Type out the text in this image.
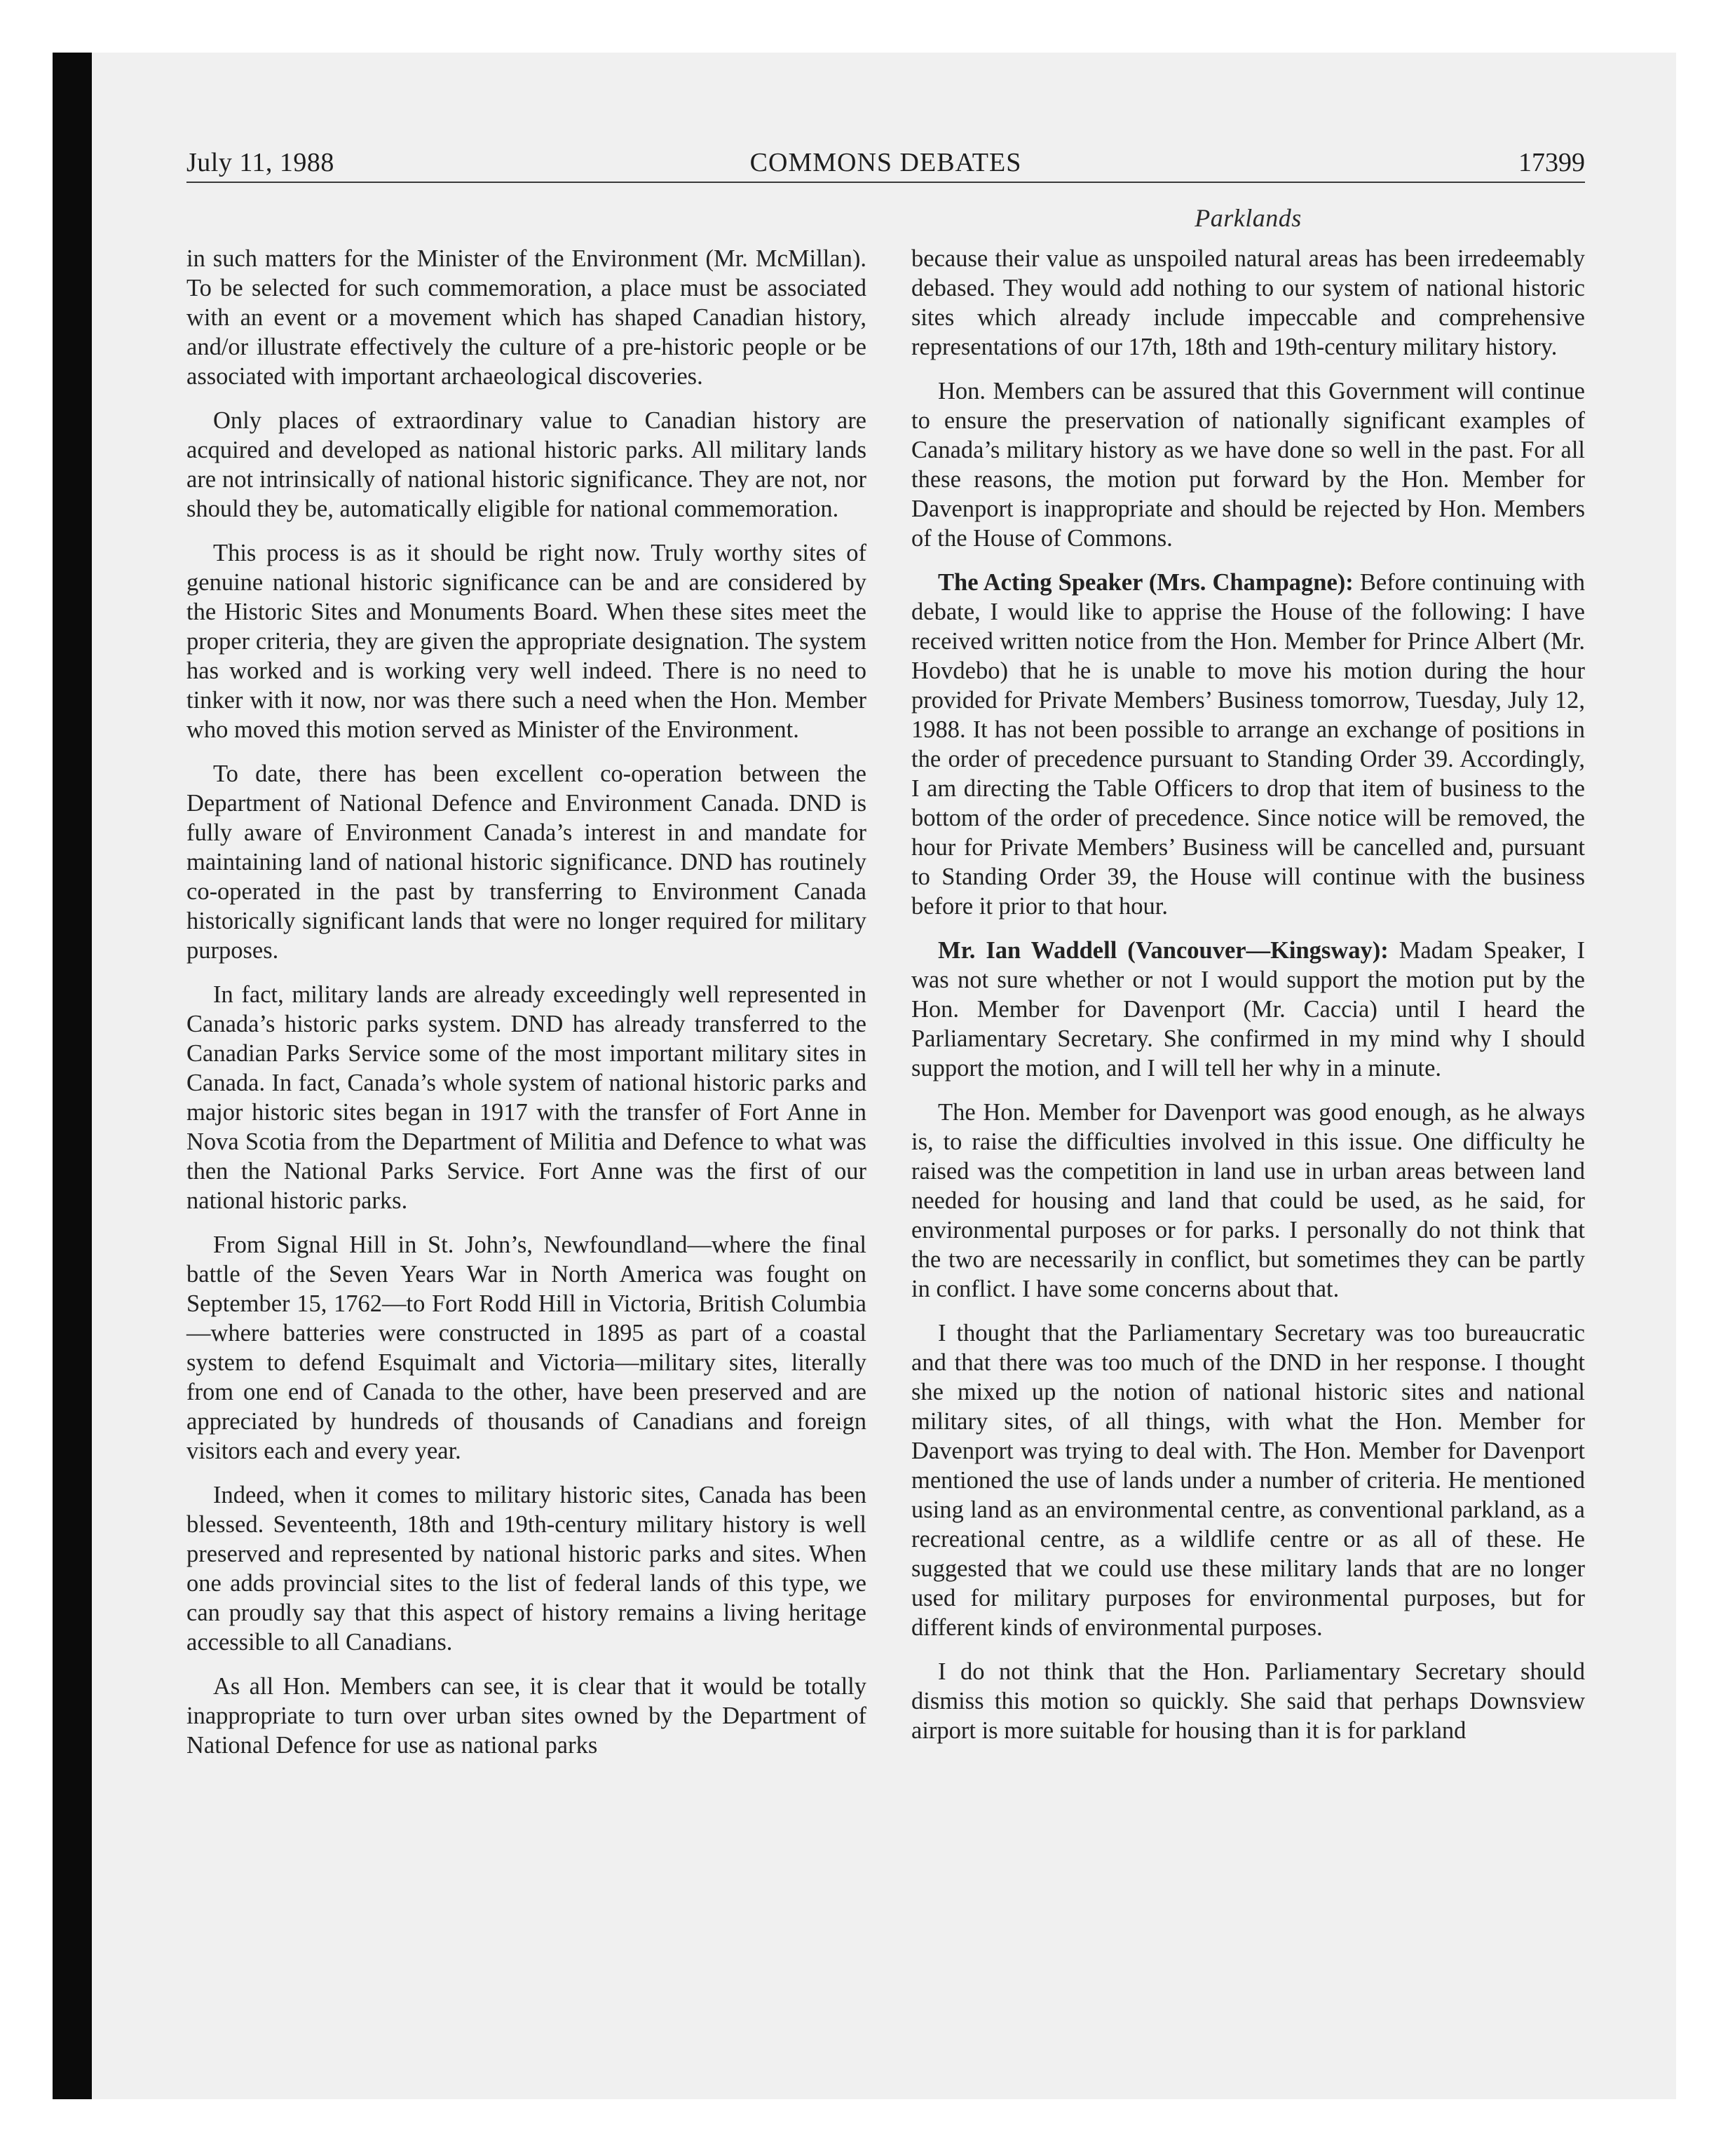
July 11, 1988	COMMONS DEBATES	17399
Parklands

in such matters for the Minister of the Environment (Mr. McMillan). To be selected for such commemoration, a place must be associated with an event or a movement which has shaped Canadian history, and/or illustrate effectively the culture of a pre-historic people or be associated with important archaeological discoveries.

Only places of extraordinary value to Canadian history are acquired and developed as national historic parks. All military lands are not intrinsically of national historic significance. They are not, nor should they be, automatically eligible for national commemoration.

This process is as it should be right now. Truly worthy sites of genuine national historic significance can be and are considered by the Historic Sites and Monuments Board. When these sites meet the proper criteria, they are given the appropriate designation. The system has worked and is working very well indeed. There is no need to tinker with it now, nor was there such a need when the Hon. Member who moved this motion served as Minister of the Environment.

To date, there has been excellent co-operation between the Department of National Defence and Environment Canada. DND is fully aware of Environment Canada’s interest in and mandate for maintaining land of national historic significance. DND has routinely co-operated in the past by transferring to Environment Canada historically significant lands that were no longer required for military purposes.

In fact, military lands are already exceedingly well represented in Canada’s historic parks system. DND has already transferred to the Canadian Parks Service some of the most important military sites in Canada. In fact, Canada’s whole system of national historic parks and major historic sites began in 1917 with the transfer of Fort Anne in Nova Scotia from the Department of Militia and Defence to what was then the National Parks Service. Fort Anne was the first of our national historic parks.

From Signal Hill in St. John’s, Newfoundland—where the final battle of the Seven Years War in North America was fought on September 15, 1762—to Fort Rodd Hill in Victoria, British Columbia—where batteries were constructed in 1895 as part of a coastal system to defend Esquimalt and Victoria—military sites, literally from one end of Canada to the other, have been preserved and are appreciated by hundreds of thousands of Canadians and foreign visitors each and every year.

Indeed, when it comes to military historic sites, Canada has been blessed. Seventeenth, 18th and 19th-century military history is well preserved and represented by national historic parks and sites. When one adds provincial sites to the list of federal lands of this type, we can proudly say that this aspect of history remains a living heritage accessible to all Canadians.

As all Hon. Members can see, it is clear that it would be totally inappropriate to turn over urban sites owned by the Department of National Defence for use as national parks

because their value as unspoiled natural areas has been irredeemably debased. They would add nothing to our system of national historic sites which already include impeccable and comprehensive representations of our 17th, 18th and 19th-century military history.

Hon. Members can be assured that this Government will continue to ensure the preservation of nationally significant examples of Canada’s military history as we have done so well in the past. For all these reasons, the motion put forward by the Hon. Member for Davenport is inappropriate and should be rejected by Hon. Members of the House of Commons.

The Acting Speaker (Mrs. Champagne): Before continuing with debate, I would like to apprise the House of the following: I have received written notice from the Hon. Member for Prince Albert (Mr. Hovdebo) that he is unable to move his motion during the hour provided for Private Members’ Business tomorrow, Tuesday, July 12, 1988. It has not been possible to arrange an exchange of positions in the order of precedence pursuant to Standing Order 39. Accordingly, I am directing the Table Officers to drop that item of business to the bottom of the order of precedence. Since notice will be removed, the hour for Private Members’ Business will be cancelled and, pursuant to Standing Order 39, the House will continue with the business before it prior to that hour.

Mr. Ian Waddell (Vancouver—Kingsway): Madam Speaker, I was not sure whether or not I would support the motion put by the Hon. Member for Davenport (Mr. Caccia) until I heard the Parliamentary Secretary. She confirmed in my mind why I should support the motion, and I will tell her why in a minute.

The Hon. Member for Davenport was good enough, as he always is, to raise the difficulties involved in this issue. One difficulty he raised was the competition in land use in urban areas between land needed for housing and land that could be used, as he said, for environmental purposes or for parks. I personally do not think that the two are necessarily in conflict, but sometimes they can be partly in conflict. I have some concerns about that.

I thought that the Parliamentary Secretary was too bureaucratic and that there was too much of the DND in her response. I thought she mixed up the notion of national historic sites and national military sites, of all things, with what the Hon. Member for Davenport was trying to deal with. The Hon. Member for Davenport mentioned the use of lands under a number of criteria. He mentioned using land as an environmental centre, as conventional parkland, as a recreational centre, as a wildlife centre or as all of these. He suggested that we could use these military lands that are no longer used for military purposes for environmental purposes, but for different kinds of environmental purposes.

I do not think that the Hon. Parliamentary Secretary should dismiss this motion so quickly. She said that perhaps Downsview airport is more suitable for housing than it is for parkland
